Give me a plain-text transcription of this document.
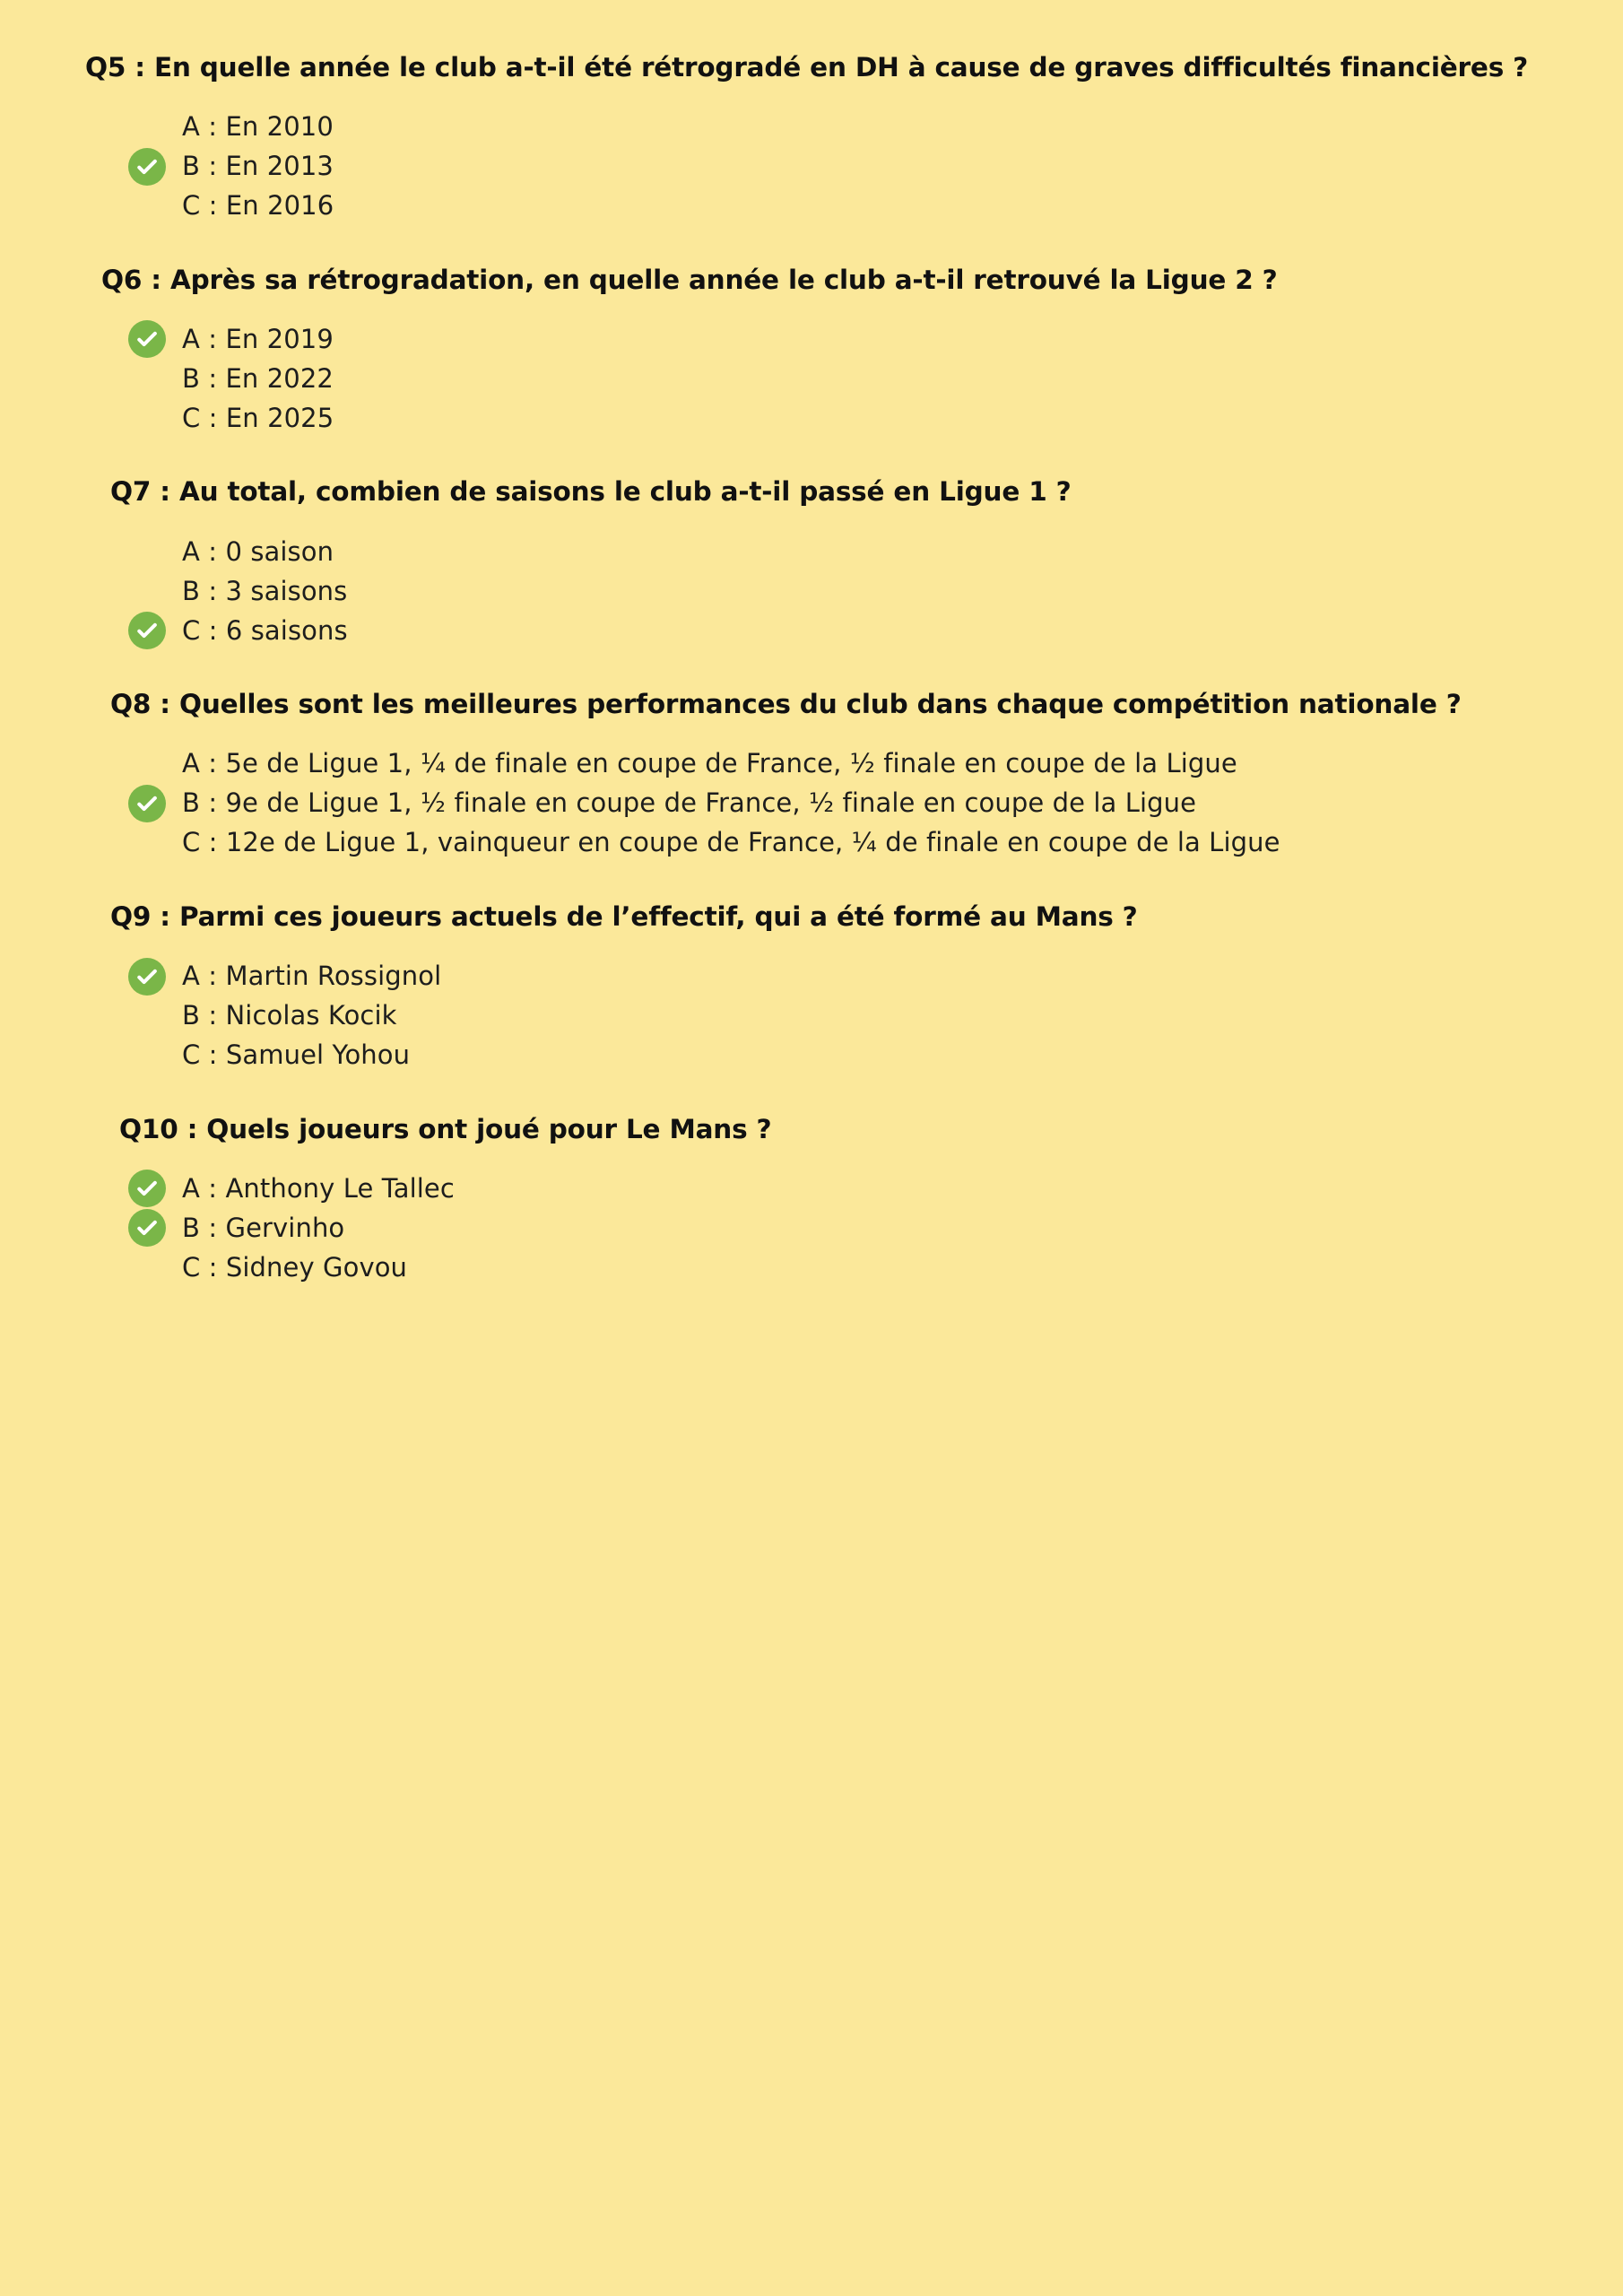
Q5 : En quelle année le club a-t-il été rétrogradé en DH à cause de graves difficultés financières ?
A : En 2010
B : En 2013
C : En 2016
Q6 : Après sa rétrogradation, en quelle année le club a-t-il retrouvé la Ligue 2 ?
A : En 2019
B : En 2022
C : En 2025
Q7 : Au total, combien de saisons le club a-t-il passé en Ligue 1 ?
A : 0 saison
B : 3 saisons
C : 6 saisons
Q8 : Quelles sont les meilleures performances du club dans chaque compétition nationale ?
A : 5e de Ligue 1, ¼ de finale en coupe de France, ½ finale en coupe de la Ligue
B : 9e de Ligue 1, ½ finale en coupe de France, ½ finale en coupe de la Ligue
C : 12e de Ligue 1, vainqueur en coupe de France, ¼ de finale en coupe de la Ligue
Q9 : Parmi ces joueurs actuels de l’effectif, qui a été formé au Mans ?
A : Martin Rossignol
B : Nicolas Kocik
C : Samuel Yohou
Q10 : Quels joueurs ont joué pour Le Mans ?
A : Anthony Le Tallec
B : Gervinho
C : Sidney Govou
